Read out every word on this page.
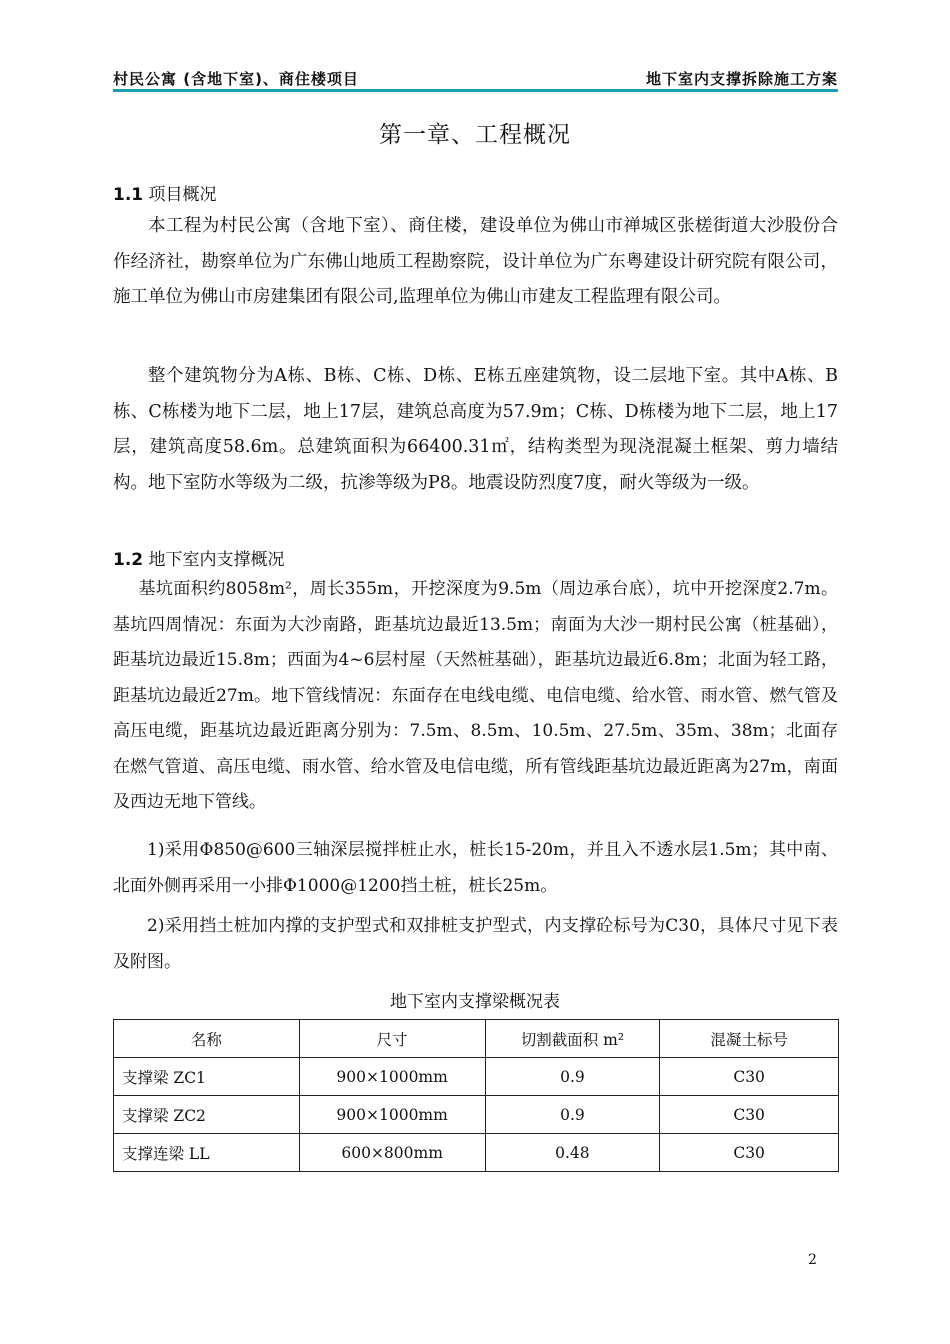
村民公寓 (含地下室)、商住楼项目	地下室内支撑拆除施工方案
第一章、工程概况
1.1 项目概况

本工程为村民公寓（含地下室）、商住楼，建设单位为佛山市禅城区张槎街道大沙股份合作经济社，勘察单位为广东佛山地质工程勘察院，设计单位为广东粤建设计研究院有限公司，施工单位为佛山市房建集团有限公司,监理单位为佛山市建友工程监理有限公司。

整个建筑物分为A栋、B栋、C栋、D栋、E栋五座建筑物，设二层地下室。其中A栋、B栋、C栋楼为地下二层，地上17层，建筑总高度为57.9m；C栋、D栋楼为地下二层，地上17层，建筑高度58.6m。总建筑面积为66400.31㎡，结构类型为现浇混凝土框架、剪力墙结构。地下室防水等级为二级，抗渗等级为P8。地震设防烈度7度，耐火等级为一级。

1.2 地下室内支撑概况

基坑面积约8058m²，周长355m，开挖深度为9.5m（周边承台底），坑中开挖深度2.7m。基坑四周情况：东面为大沙南路，距基坑边最近13.5m；南面为大沙一期村民公寓（桩基础），距基坑边最近15.8m；西面为4~6层村屋（天然桩基础），距基坑边最近6.8m；北面为轻工路，距基坑边最近27m。地下管线情况：东面存在电线电缆、电信电缆、给水管、雨水管、燃气管及高压电缆，距基坑边最近距离分别为：7.5m、8.5m、10.5m、27.5m、35m、38m；北面存在燃气管道、高压电缆、雨水管、给水管及电信电缆，所有管线距基坑边最近距离为27m，南面及西边无地下管线。

1)采用Φ850@600三轴深层搅拌桩止水，桩长15-20m，并且入不透水层1.5m；其中南、北面外侧再采用一小排Φ1000@1200挡土桩，桩长25m。

2)采用挡土桩加内撑的支护型式和双排桩支护型式，内支撑砼标号为C30，具体尺寸见下表及附图。

地下室内支撑梁概况表
名称	尺寸	切割截面积 m²	混凝土标号
支撑梁 ZC1	900×1000mm	0.9	C30
支撑梁 ZC2	900×1000mm	0.9	C30
支撑连梁 LL	600×800mm	0.48	C30
2
